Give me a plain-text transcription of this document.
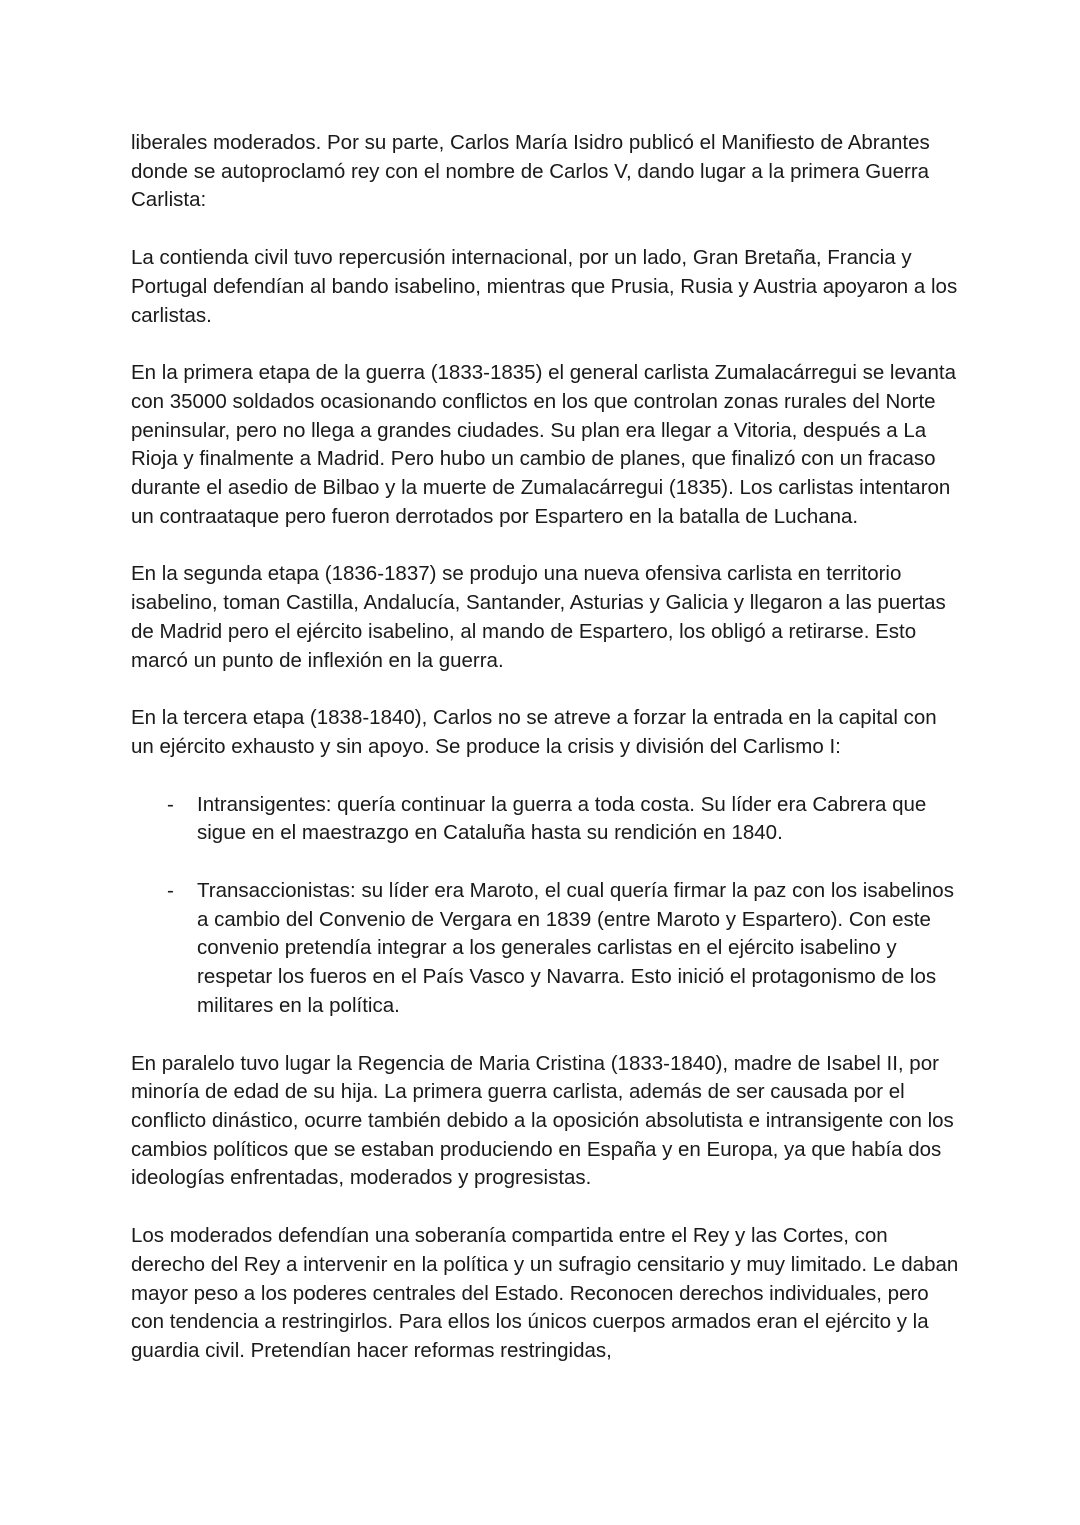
liberales moderados. Por su parte, Carlos María Isidro publicó el Manifiesto de Abrantes donde se autoproclamó rey con el nombre de Carlos V, dando lugar a la primera Guerra Carlista:

La contienda civil tuvo repercusión internacional, por un lado, Gran Bretaña, Francia y Portugal defendían al bando isabelino, mientras que Prusia, Rusia y Austria apoyaron a los carlistas.

En la primera etapa de la guerra (1833-1835) el general carlista Zumalacárregui se levanta con 35000 soldados ocasionando conflictos en los que controlan zonas rurales del Norte peninsular, pero no llega a grandes ciudades. Su plan era llegar a Vitoria, después a La Rioja y finalmente a Madrid. Pero hubo un cambio de planes, que finalizó con un fracaso durante el asedio de Bilbao y la muerte de Zumalacárregui (1835). Los carlistas intentaron un contraataque pero fueron derrotados por Espartero en la batalla de Luchana.

En la segunda etapa (1836-1837) se produjo una nueva ofensiva carlista en territorio isabelino, toman Castilla, Andalucía, Santander, Asturias y Galicia y llegaron a las puertas de Madrid pero el ejército isabelino, al mando de Espartero, los obligó a retirarse. Esto marcó un punto de inflexión en la guerra.

En la tercera etapa (1838-1840), Carlos no se atreve a forzar la entrada en la capital con un ejército exhausto y sin apoyo. Se produce la crisis y división del Carlismo I:

- Intransigentes: quería continuar la guerra a toda costa. Su líder era Cabrera que sigue en el maestrazgo en Cataluña hasta su rendición en 1840.
- Transaccionistas: su líder era Maroto, el cual quería firmar la paz con los isabelinos a cambio del Convenio de Vergara en 1839 (entre Maroto y Espartero). Con este convenio pretendía integrar a los generales carlistas en el ejército isabelino y respetar los fueros en el País Vasco y Navarra. Esto inició el protagonismo de los militares en la política.

En paralelo tuvo lugar la Regencia de Maria Cristina (1833-1840), madre de Isabel II, por minoría de edad de su hija. La primera guerra carlista, además de ser causada por el conflicto dinástico, ocurre también debido a la oposición absolutista e intransigente con los cambios políticos que se estaban produciendo en España y en Europa, ya que había dos ideologías enfrentadas, moderados y progresistas.

Los moderados defendían una soberanía compartida entre el Rey y las Cortes, con derecho del Rey a intervenir en la política y un sufragio censitario y muy limitado. Le daban mayor peso a los poderes centrales del Estado. Reconocen derechos individuales, pero con tendencia a restringirlos. Para ellos los únicos cuerpos armados eran el ejército y la guardia civil. Pretendían hacer reformas restringidas,
